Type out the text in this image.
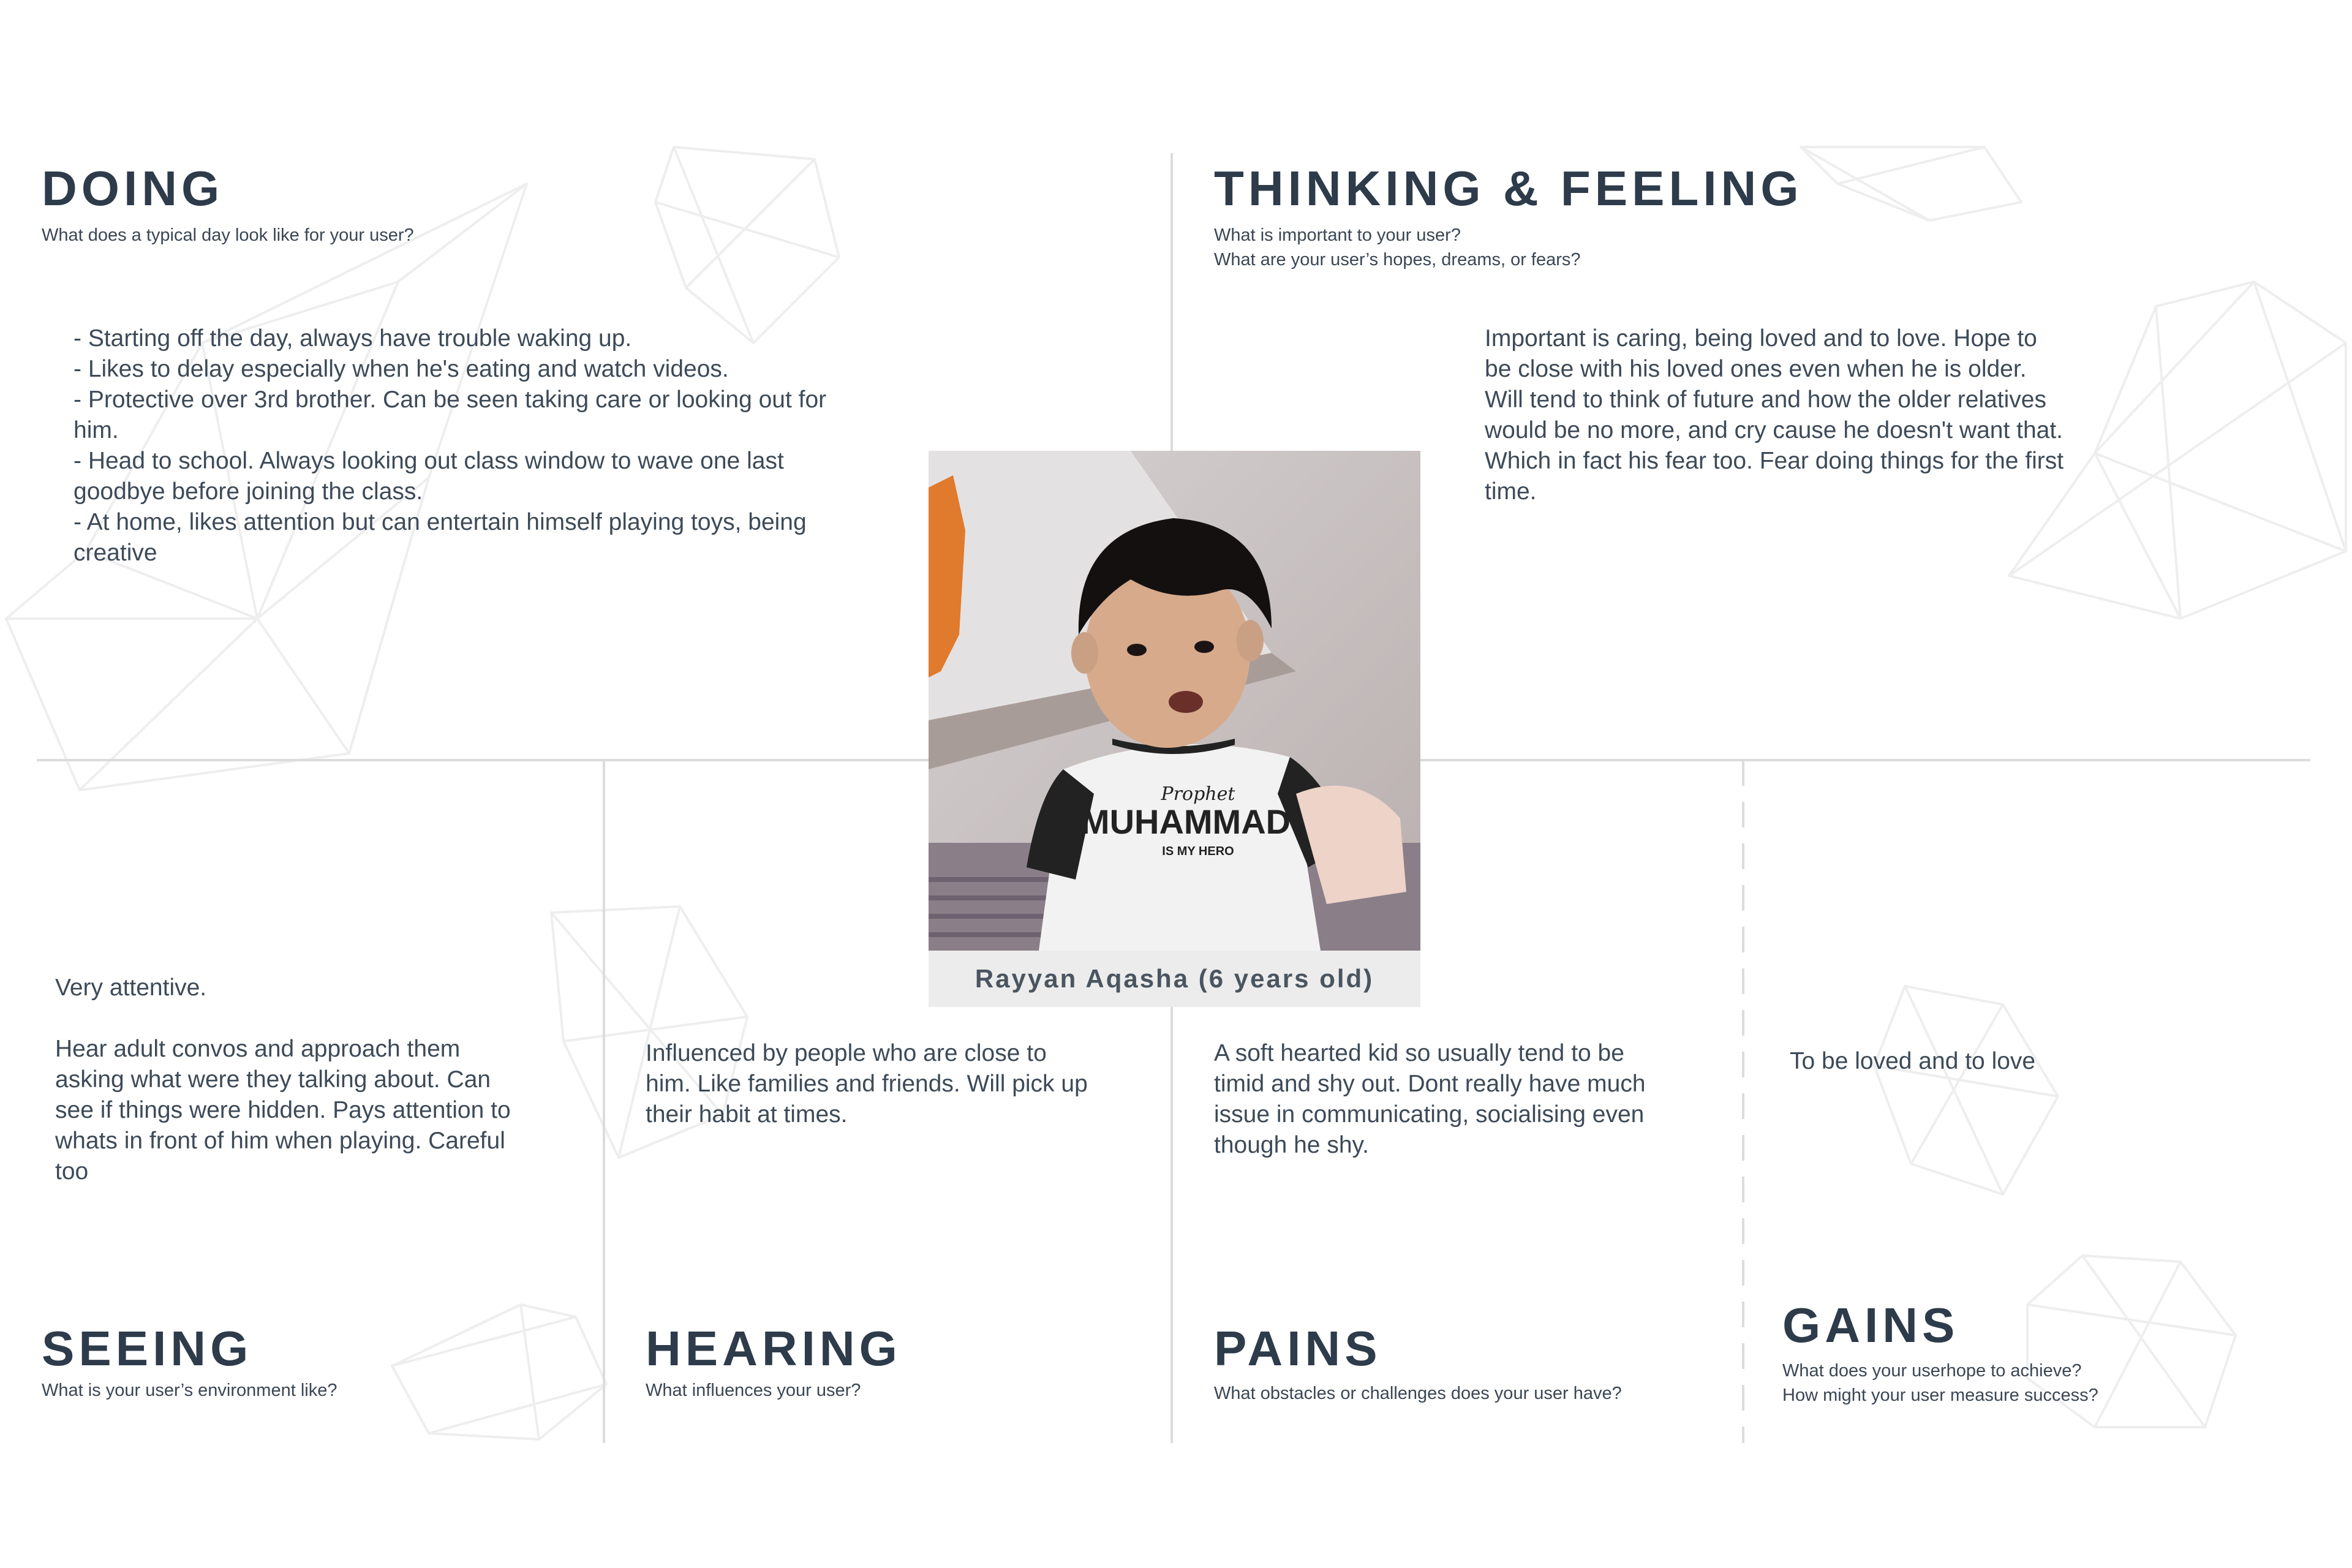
DOING

What does a typical day look like for your user?

- Starting off the day, always have trouble waking up.
- Likes to delay especially when he's eating and watch videos.
- Protective over 3rd brother. Can be seen taking care or looking out for
him.
- Head to school. Always looking out class window to wave one last
goodbye before joining the class.
- At home, likes attention but can entertain himself playing toys, being
creative

THINKING & FEELING

What is important to your user?
What are your user’s hopes, dreams, or fears?

Important is caring, being loved and to love. Hope to
be close with his loved ones even when he is older.
Will tend to think of future and how the older relatives
would be no more, and cry cause he doesn't want that.
Which in fact his fear too. Fear doing things for the first
time.

Very attentive.

Hear adult convos and approach them
asking what were they talking about. Can
see if things were hidden. Pays attention to
whats in front of him when playing. Careful
too

SEEING

What is your user’s environment like?

Influenced by people who are close to
him. Like families and friends. Will pick up
their habit at times.

HEARING

What influences your user?

A soft hearted kid so usually tend to be
timid and shy out. Dont really have much
issue in communicating, socialising even
though he shy.

PAINS

What obstacles or challenges does your user have?

To be loved and to love

GAINS

What does your userhope to achieve?
How might your user measure success?

Prophet
MUHAMMAD
IS MY HERO
Rayyan Aqasha (6 years old)
